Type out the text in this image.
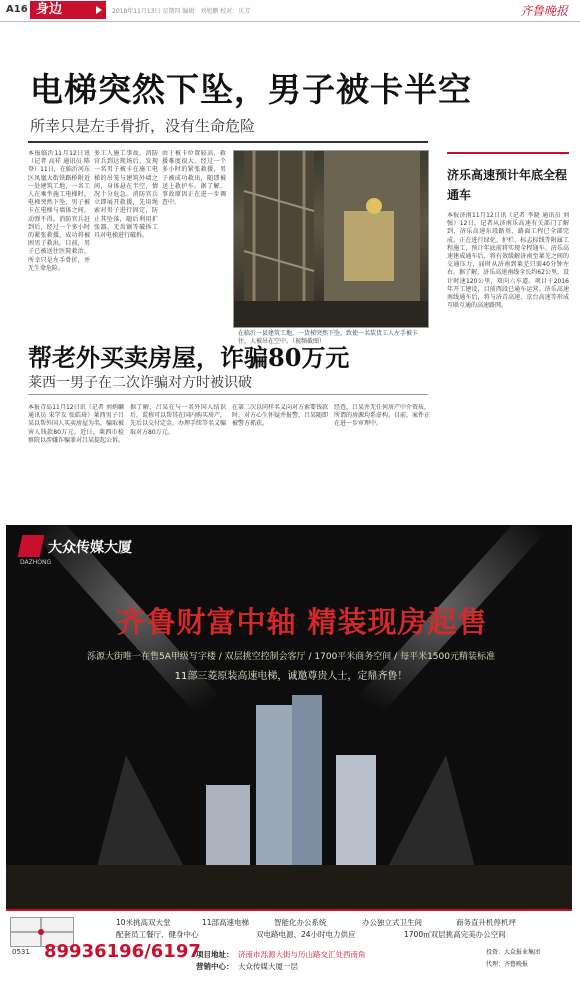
A16 身边	2018年11月13日 星期四 编辑：刘旭鹏 校对：庆芳	齐鲁晚报
电梯突然下坠，男子被卡半空
所幸只是左手骨折，没有生命危险
本报临沂11月12日讯（记者 高祥 通讯员 陈登）11日，在临沂河东区凤凰大街铁路桥附近一处建筑工地，一名工人在乘坐施工电梯时，电梯突然下坠，男子被卡在电梯与墙体之间，动弹不得。消防官兵赶到后，经过一个多小时的紧张救援，成功将被困男子救出。目前，男子已被送往医院救治，所幸只是左手骨折，并无生命危险。
多工人施工事故。消防官兵到达现场后，发现一名男子被卡在施工电梯的吊笼与建筑外墙之间，身体悬在半空，情况十分危急。消防官兵立即展开救援，先用绳索对男子进行固定，防止其坠落，随后利用扩张器、无齿锯等破拆工具对电梯进行破拆。
由于被卡位置较高，救援难度很大。经过一个多小时的紧张救援，男子被成功救出，随即被送上救护车。据了解，事故原因正在进一步调查中。
在临沂一县建筑工地，一货梯突然下坠，致使一名装货工人左手被卡住，人被吊在空中。（视频截图）
济乐高速预计年底全程通车
本报济南11月12日讯（记者 李晓 通讯员 刘强）12日，记者从济南乐高速有关部门了解到，济乐高速东段路基、路面工程已全部完成，正在进行绿化、护栏、标志标线等附属工程施工，预计年底前将实现全程通车。济乐高速建成通车后，将有效缓解济南至莱芜之间的交通压力，届时从济南到莱芜只需40分钟左右。据了解，济乐高速南线全长约62公里，设计时速120公里，双向六车道。项目于2016年开工建设，目前西段已通车运营。济乐高速南线通车后，将与济青高速、京台高速等形成互联互通的高速路网。
帮老外买卖房屋，诈骗80万元
莱西一男子在二次诈骗对方时被识破
本报青岛11月12日讯（记者 刘炳麟 通讯员 宋学友 张皓琦）莱西男子吕某以帮外国人买卖房屋为名，骗取被害人钱款80万元。近日，莱西市检察院以涉嫌诈骗罪对吕某提起公诉。
据了解，吕某在与一名外国人结识后，谎称可以帮其在国内购买房产，先后以交付定金、办理手续等名义骗取对方80万元。
在第二次以同样名义向对方索要钱款时，对方心生怀疑并报警，吕某随即被警方抓获。
经查，吕某并无任何房产中介资质，所谓的房源均系虚构。目前，案件正在进一步审理中。
大众传媒大厦
DAZHONG
齐鲁财富中轴 精装现房起售
泺源大街唯一在售5A甲级写字楼 / 双层挑空控制会客厅 / 1700平米商务空间 / 每平米1500元精装标准
11部三菱原装高速电梯，诚邀尊贵人士，定鼎齐鲁！
10米挑高双大堂	11部高速电梯	智能化办公系统	办公独立式卫生间	商务直升机停机坪
配套员工餐厅、健身中心	双电路电源、24小时电力供应	1700㎡双层挑高完美办公空间
0531 89936196/6197
项目地址： 济南市泺源大街与历山路交汇处西南角
营销中心： 大众传媒大厦一层
投资：大众报业集团
代理：齐鲁晚报
